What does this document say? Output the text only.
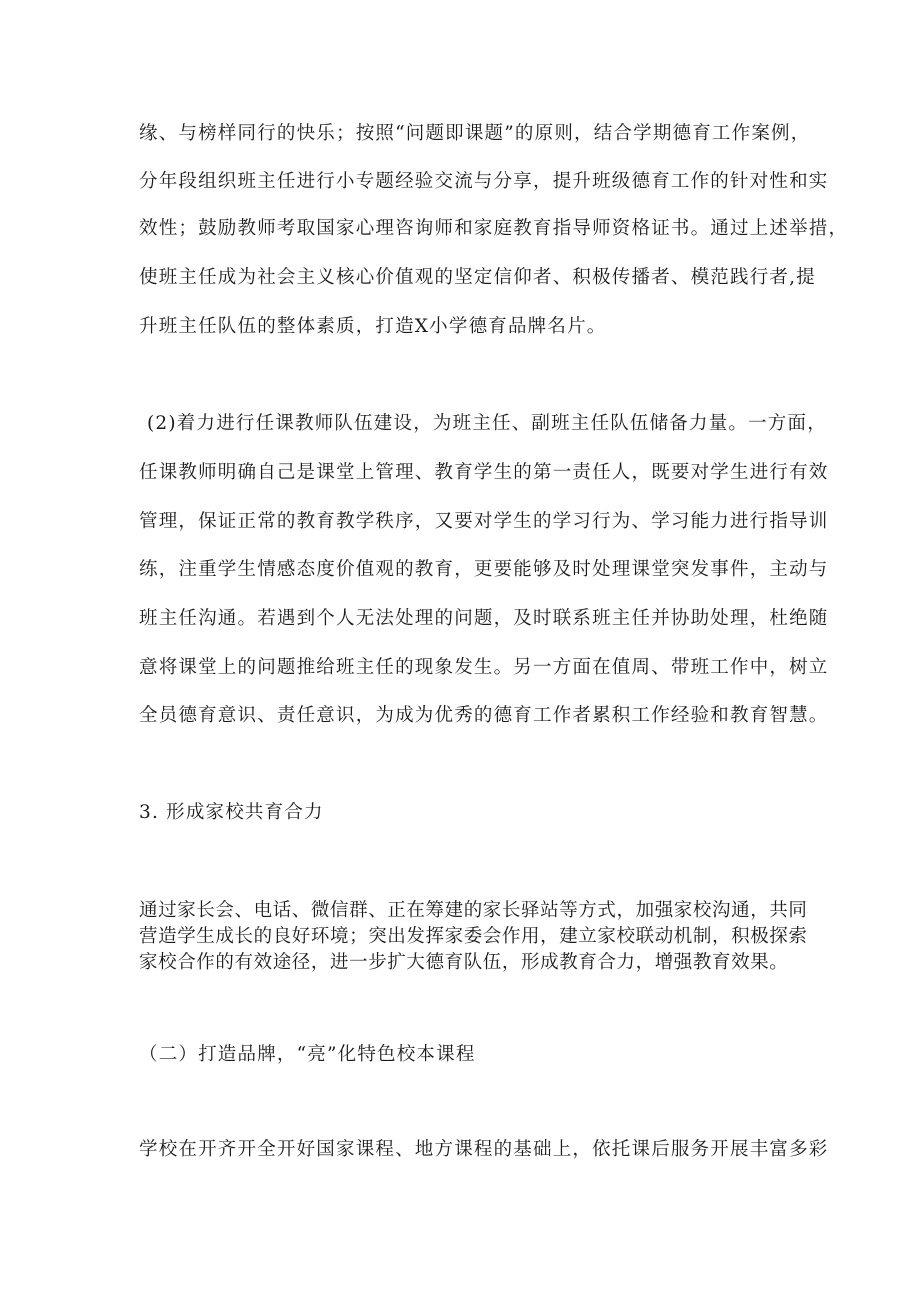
缘、与榜样同行的快乐；按照“问题即课题”的原则，结合学期德育工作案例，
分年段组织班主任进行小专题经验交流与分享，提升班级德育工作的针对性和实
效性；鼓励教师考取国家心理咨询师和家庭教育指导师资格证书。通过上述举措，
使班主任成为社会主义核心价值观的坚定信仰者、积极传播者、模范践行者,提
升班主任队伍的整体素质，打造X小学德育品牌名片。
(2)着力进行任课教师队伍建设，为班主任、副班主任队伍储备力量。一方面，
任课教师明确自己是课堂上管理、教育学生的第一责任人，既要对学生进行有效
管理，保证正常的教育教学秩序，又要对学生的学习行为、学习能力进行指导训
练，注重学生情感态度价值观的教育，更要能够及时处理课堂突发事件，主动与
班主任沟通。若遇到个人无法处理的问题，及时联系班主任并协助处理，杜绝随
意将课堂上的问题推给班主任的现象发生。另一方面在值周、带班工作中，树立
全员德育意识、责任意识，为成为优秀的德育工作者累积工作经验和教育智慧。
3. 形成家校共育合力
通过家长会、电话、微信群、正在筹建的家长驿站等方式，加强家校沟通，共同
营造学生成长的良好环境；突出发挥家委会作用，建立家校联动机制，积极探索
家校合作的有效途径，进一步扩大德育队伍，形成教育合力，增强教育效果。
（二）打造品牌，“亮”化特色校本课程
学校在开齐开全开好国家课程、地方课程的基础上，依托课后服务开展丰富多彩
